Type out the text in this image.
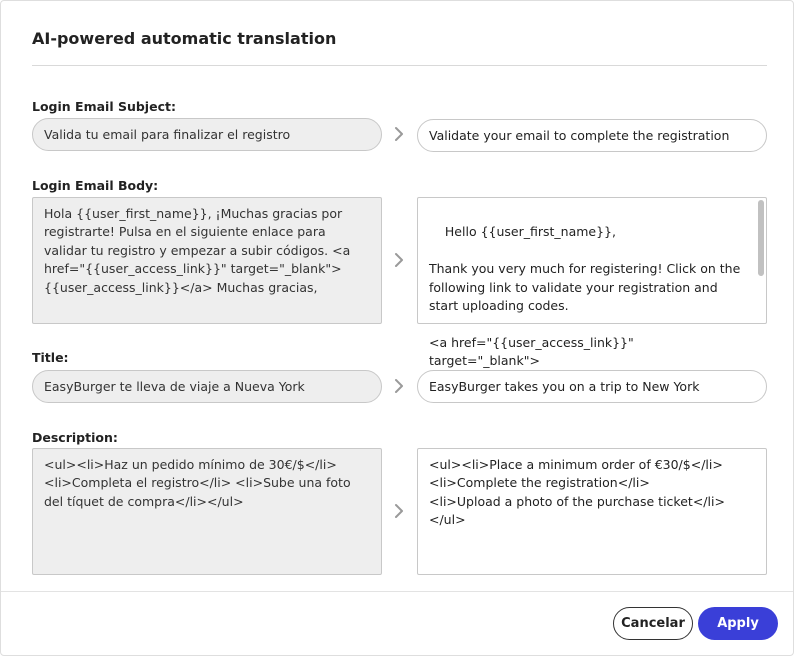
AI-powered automatic translation
Login Email Subject:
Valida tu email para finalizar el registro	Validate your email to complete the registration
Login Email Body:
Hola {{user_first_name}}, ¡Muchas gracias por registrarte! Pulsa en el siguiente enlace para validar tu registro y empezar a subir códigos. <a href="{{user_access_link}}" target="_blank"> {{user_access_link}}</a> Muchas gracias,

Hello {{user_first_name}},

Thank you very much for registering! Click on the following link to validate your registration and start uploading codes.

<a href="{{user_access_link}}" target="_blank">

Title:
EasyBurger te lleva de viaje a Nueva York	EasyBurger takes you on a trip to New York
Description:
<ul><li>Haz un pedido mínimo de 30€/$</li> <li>Completa el registro</li> <li>Sube una foto del tíquet de compra</li></ul>
<ul><li>Place a minimum order of €30/$</li>
<li>Complete the registration</li>
<li>Upload a photo of the purchase ticket</li></ul>
Cancelar	Apply
